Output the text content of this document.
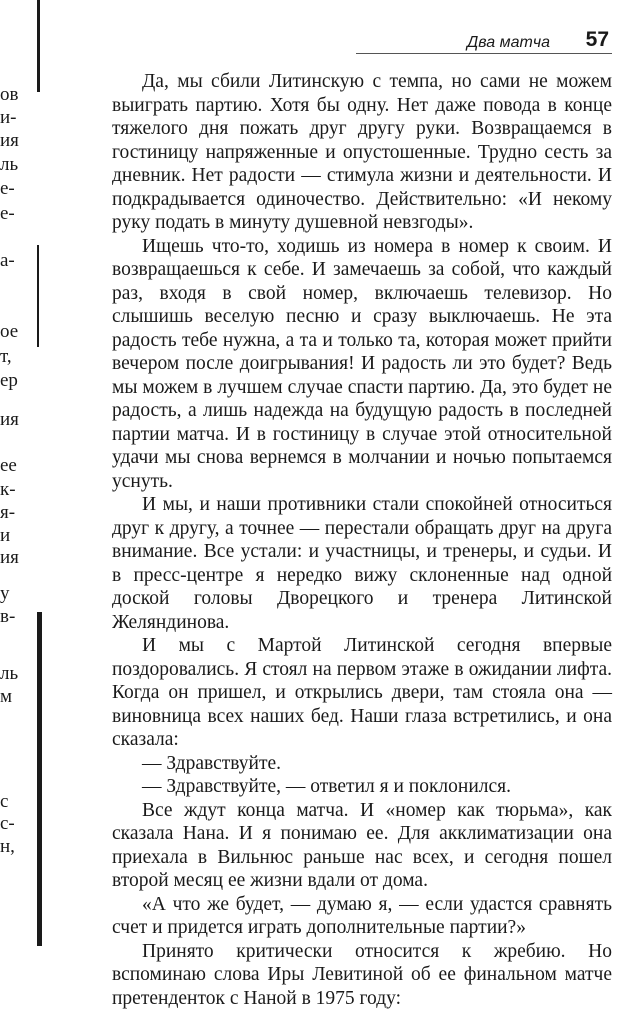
ов
и-
ия
ль
е-
е-
а-
ое
т,
ер
ия
ее
к-
я-
и
ия
у
в-
ль
м
с
с-
н,
Два матча 57

Да, мы сбили Литинскую с темпа, но сами не можем выиграть партию. Хотя бы одну. Нет даже повода в конце тяжелого дня пожать друг другу руки. Возвращаемся в гостиницу напряженные и опустошенные. Трудно сесть за дневник. Нет радости — стимула жизни и деятельности. И подкрадывается одиночество. Действительно: «И некому руку подать в минуту душевной невзгоды».

Ищешь что-то, ходишь из номера в номер к своим. И возвращаешься к себе. И замечаешь за собой, что каждый раз, входя в свой номер, включаешь телевизор. Но слышишь веселую песню и сразу выключаешь. Не эта радость тебе нужна, а та и только та, которая может прийти вечером после доигрывания! И радость ли это будет? Ведь мы можем в лучшем случае спасти партию. Да, это будет не радость, а лишь надежда на будущую радость в последней партии матча. И в гостиницу в случае этой относительной удачи мы снова вернемся в молчании и ночью попытаемся уснуть.

И мы, и наши противники стали спокойней относиться друг к другу, а точнее — перестали обращать друг на друга внимание. Все устали: и участницы, и тренеры, и судьи. И в пресс-центре я нередко вижу склоненные над одной доской головы Дворецкого и тренера Литинской Желяндинова.

И мы с Мартой Литинской сегодня впервые поздоровались. Я стоял на первом этаже в ожидании лифта. Когда он пришел, и открылись двери, там стояла она — виновница всех наших бед. Наши глаза встретились, и она сказала:

— Здравствуйте.

— Здравствуйте, — ответил я и поклонился.

Все ждут конца матча. И «номер как тюрьма», как сказала Нана. И я понимаю ее. Для акклиматизации она приехала в Вильнюс раньше нас всех, и сегодня пошел второй месяц ее жизни вдали от дома.

«А что же будет, — думаю я, — если удастся сравнять счет и придется играть дополнительные партии?»

Принято критически относится к жребию. Но вспоминаю слова Иры Левитиной об ее финальном матче претенденток с Наной в 1975 году:
